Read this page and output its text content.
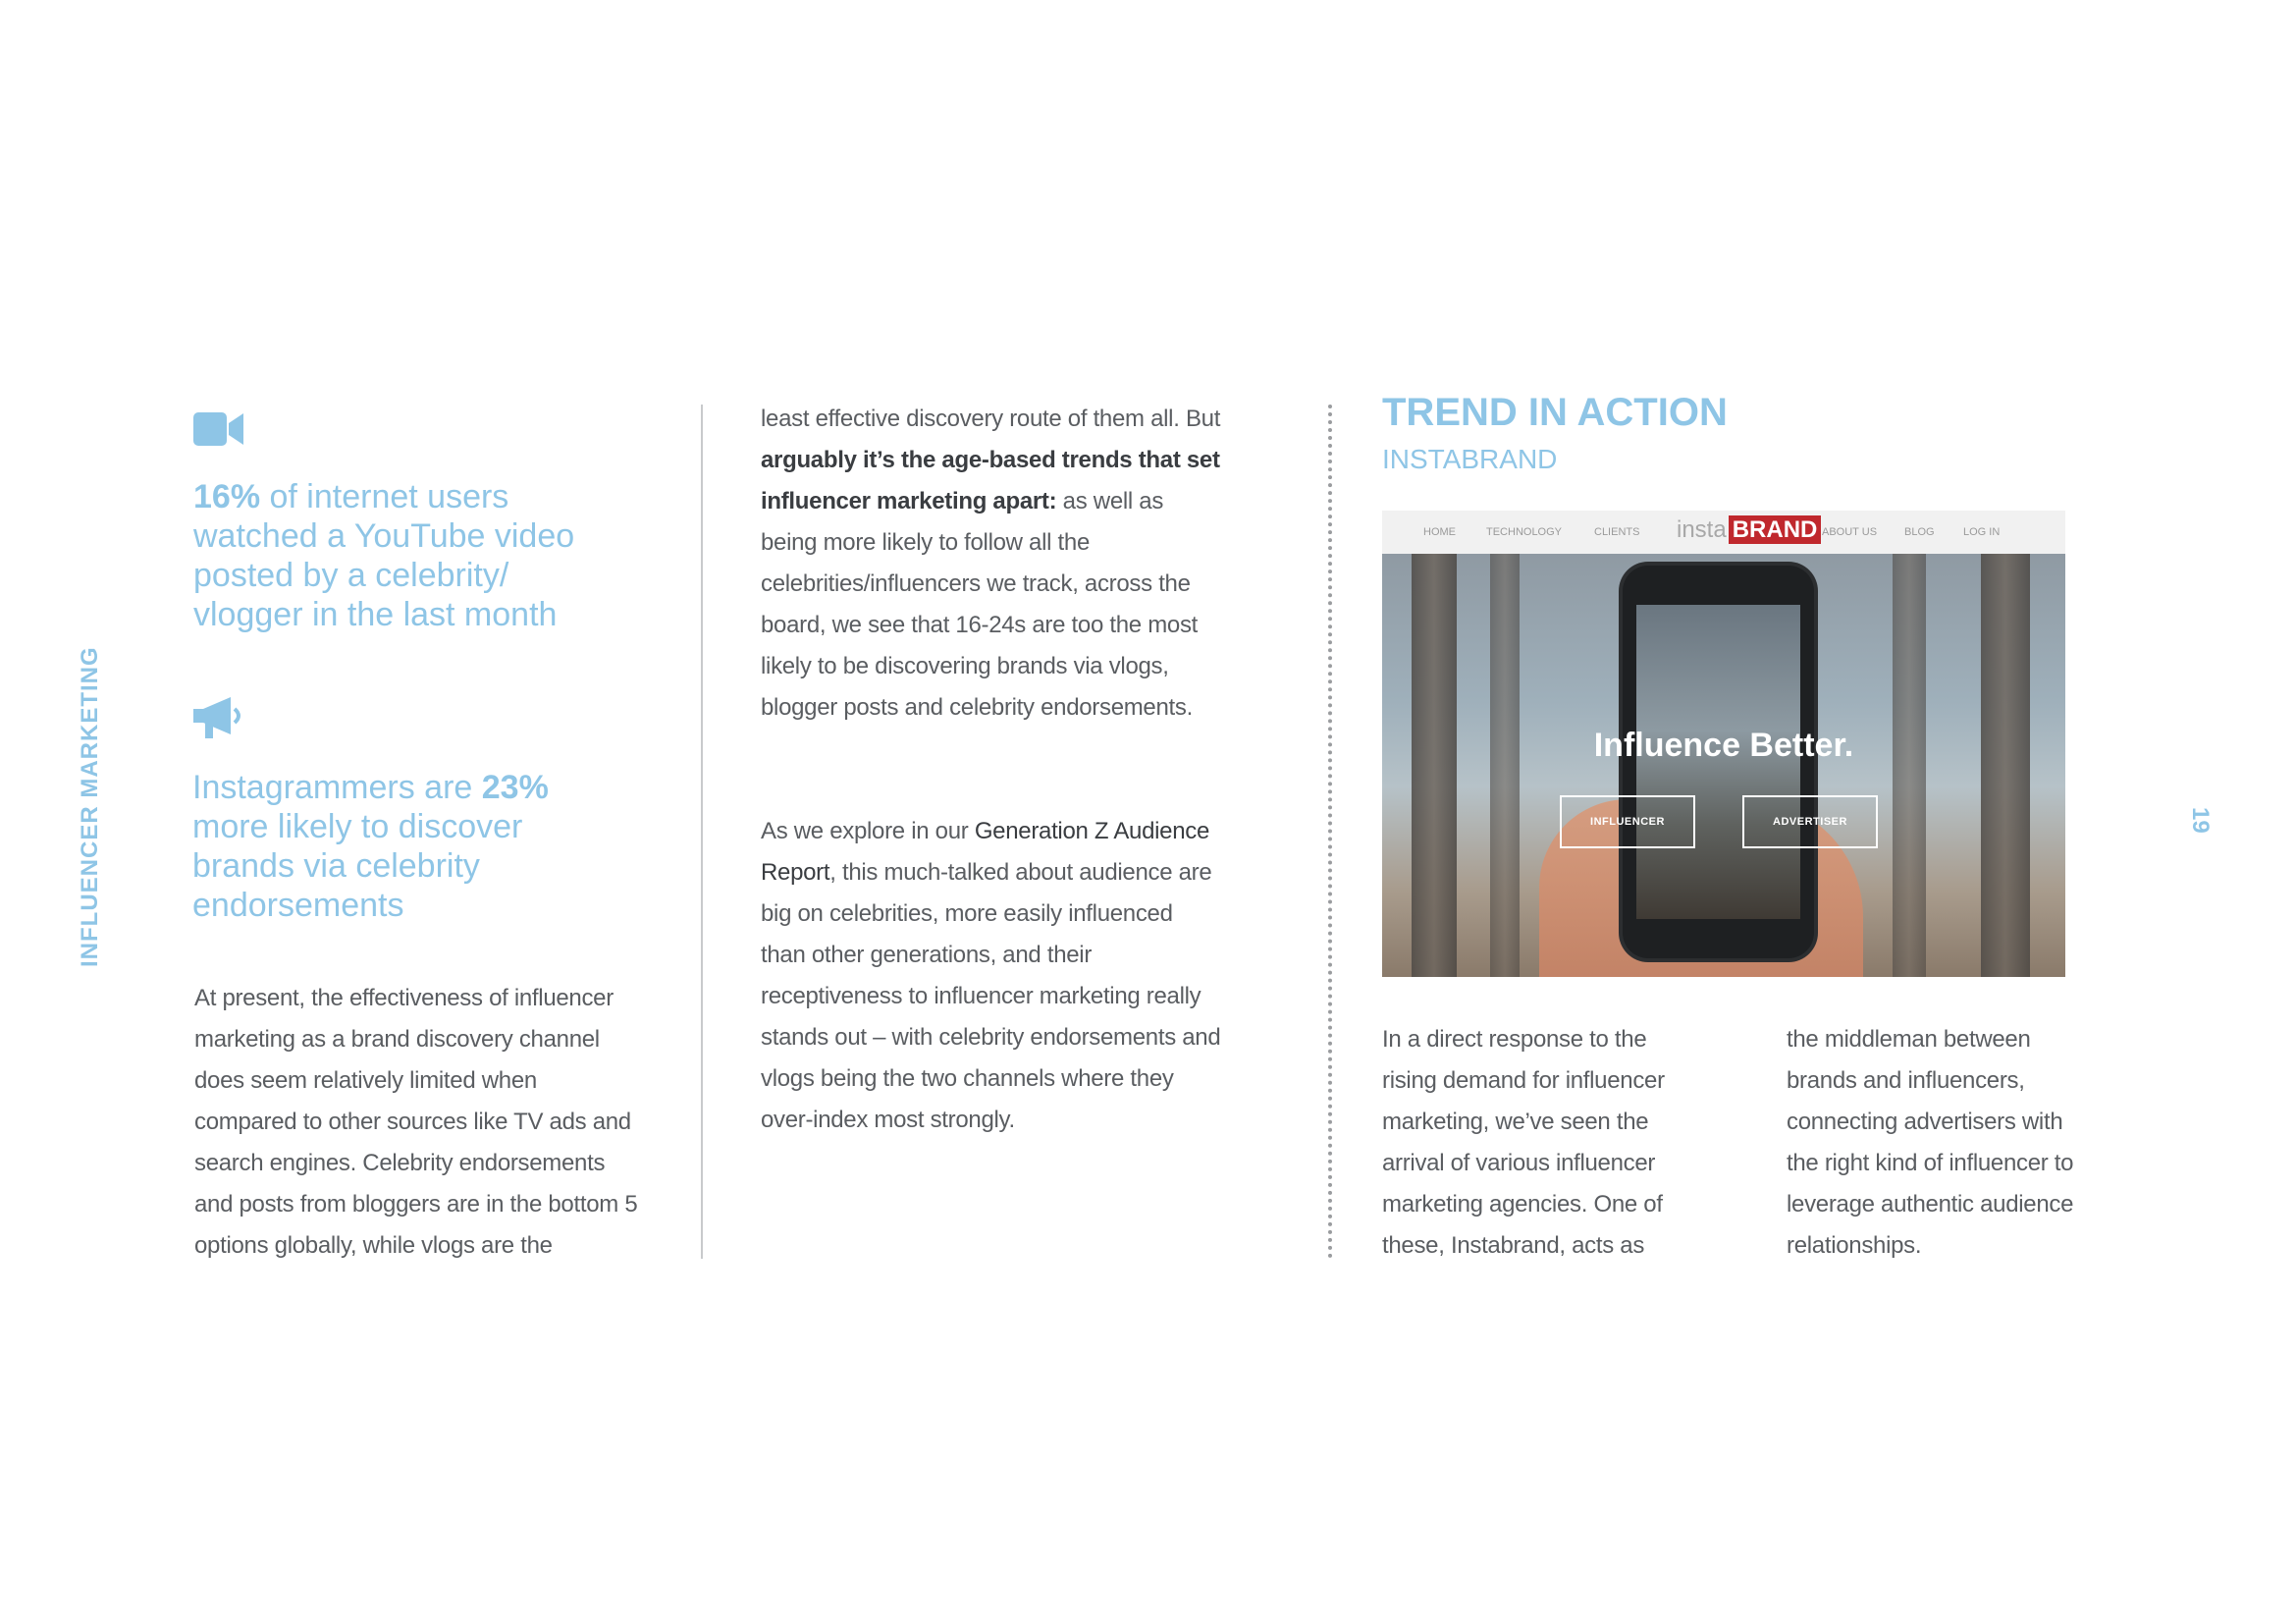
INFLUENCER MARKETING	19
16% of internet users watched a YouTube video posted by a celebrity/ vlogger in the last month
Instagrammers are 23% more likely to discover brands via celebrity endorsements
At present, the effectiveness of influencer marketing as a brand discovery channel does seem relatively limited when compared to other sources like TV ads and search engines. Celebrity endorsements and posts from bloggers are in the bottom 5 options globally, while vlogs are the
least effective discovery route of them all. But arguably it’s the age-based trends that set influencer marketing apart: as well as being more likely to follow all the celebrities/influencers we track, across the board, we see that 16-24s are too the most likely to be discovering brands via vlogs, blogger posts and celebrity endorsements.
As we explore in our Generation Z Audience Report, this much-talked about audience are big on celebrities, more easily influenced than other generations, and their receptiveness to influencer marketing really stands out – with celebrity endorsements and vlogs being the two channels where they over-index most strongly.
TREND IN ACTION
INSTABRAND
HOME	TECHNOLOGY	CLIENTS insta BRAND ABOUT US	BLOG	LOG IN
Influence Better.
INFLUENCER	ADVERTISER
In a direct response to the rising demand for influencer marketing, we’ve seen the arrival of various influencer marketing agencies. One of these, Instabrand, acts as
the middleman between brands and influencers, connecting advertisers with the right kind of influencer to leverage authentic audience relationships.
